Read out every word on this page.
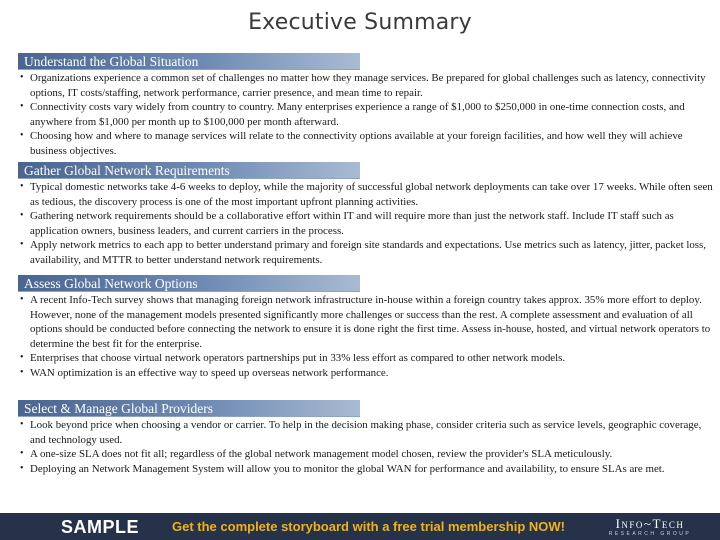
Executive Summary
Understand the Global Situation
• Organizations experience a common set of challenges no matter how they manage services. Be prepared for global challenges such as latency, connectivity options, IT costs/staffing, network performance, carrier presence, and mean time to repair.
• Connectivity costs vary widely from country to country. Many enterprises experience a range of $1,000 to $250,000 in one-time connection costs, and anywhere from $1,000 per month up to $100,000 per month afterward.
• Choosing how and where to manage services will relate to the connectivity options available at your foreign facilities, and how well they will achieve business objectives.
Gather Global Network Requirements
• Typical domestic networks take 4-6 weeks to deploy, while the majority of successful global network deployments can take over 17 weeks. While often seen as tedious, the discovery process is one of the most important upfront planning activities.
• Gathering network requirements should be a collaborative effort within IT and will require more than just the network staff. Include IT staff such as application owners, business leaders, and current carriers in the process.
• Apply network metrics to each app to better understand primary and foreign site standards and expectations. Use metrics such as latency, jitter, packet loss, availability, and MTTR to better understand network requirements.
Assess Global Network Options
• A recent Info-Tech survey shows that managing foreign network infrastructure in-house within a foreign country takes approx. 35% more effort to deploy. However, none of the management models presented significantly more challenges or success than the rest. A complete assessment and evaluation of all options should be conducted before connecting the network to ensure it is done right the first time. Assess in-house, hosted, and virtual network operators to determine the best fit for the enterprise.
• Enterprises that choose virtual network operators partnerships put in 33% less effort as compared to other network models.
• WAN optimization is an effective way to speed up overseas network performance.
Select & Manage Global Providers
• Look beyond price when choosing a vendor or carrier. To help in the decision making phase, consider criteria such as service levels, geographic coverage, and technology used.
• A one-size SLA does not fit all; regardless of the global network management model chosen, review the provider's SLA meticulously.
• Deploying an Network Management System will allow you to monitor the global WAN for performance and availability, to ensure SLAs are met.
SAMPLE	Get the complete storyboard with a free trial membership NOW!	Info~Tech
RESEARCH GROUP
